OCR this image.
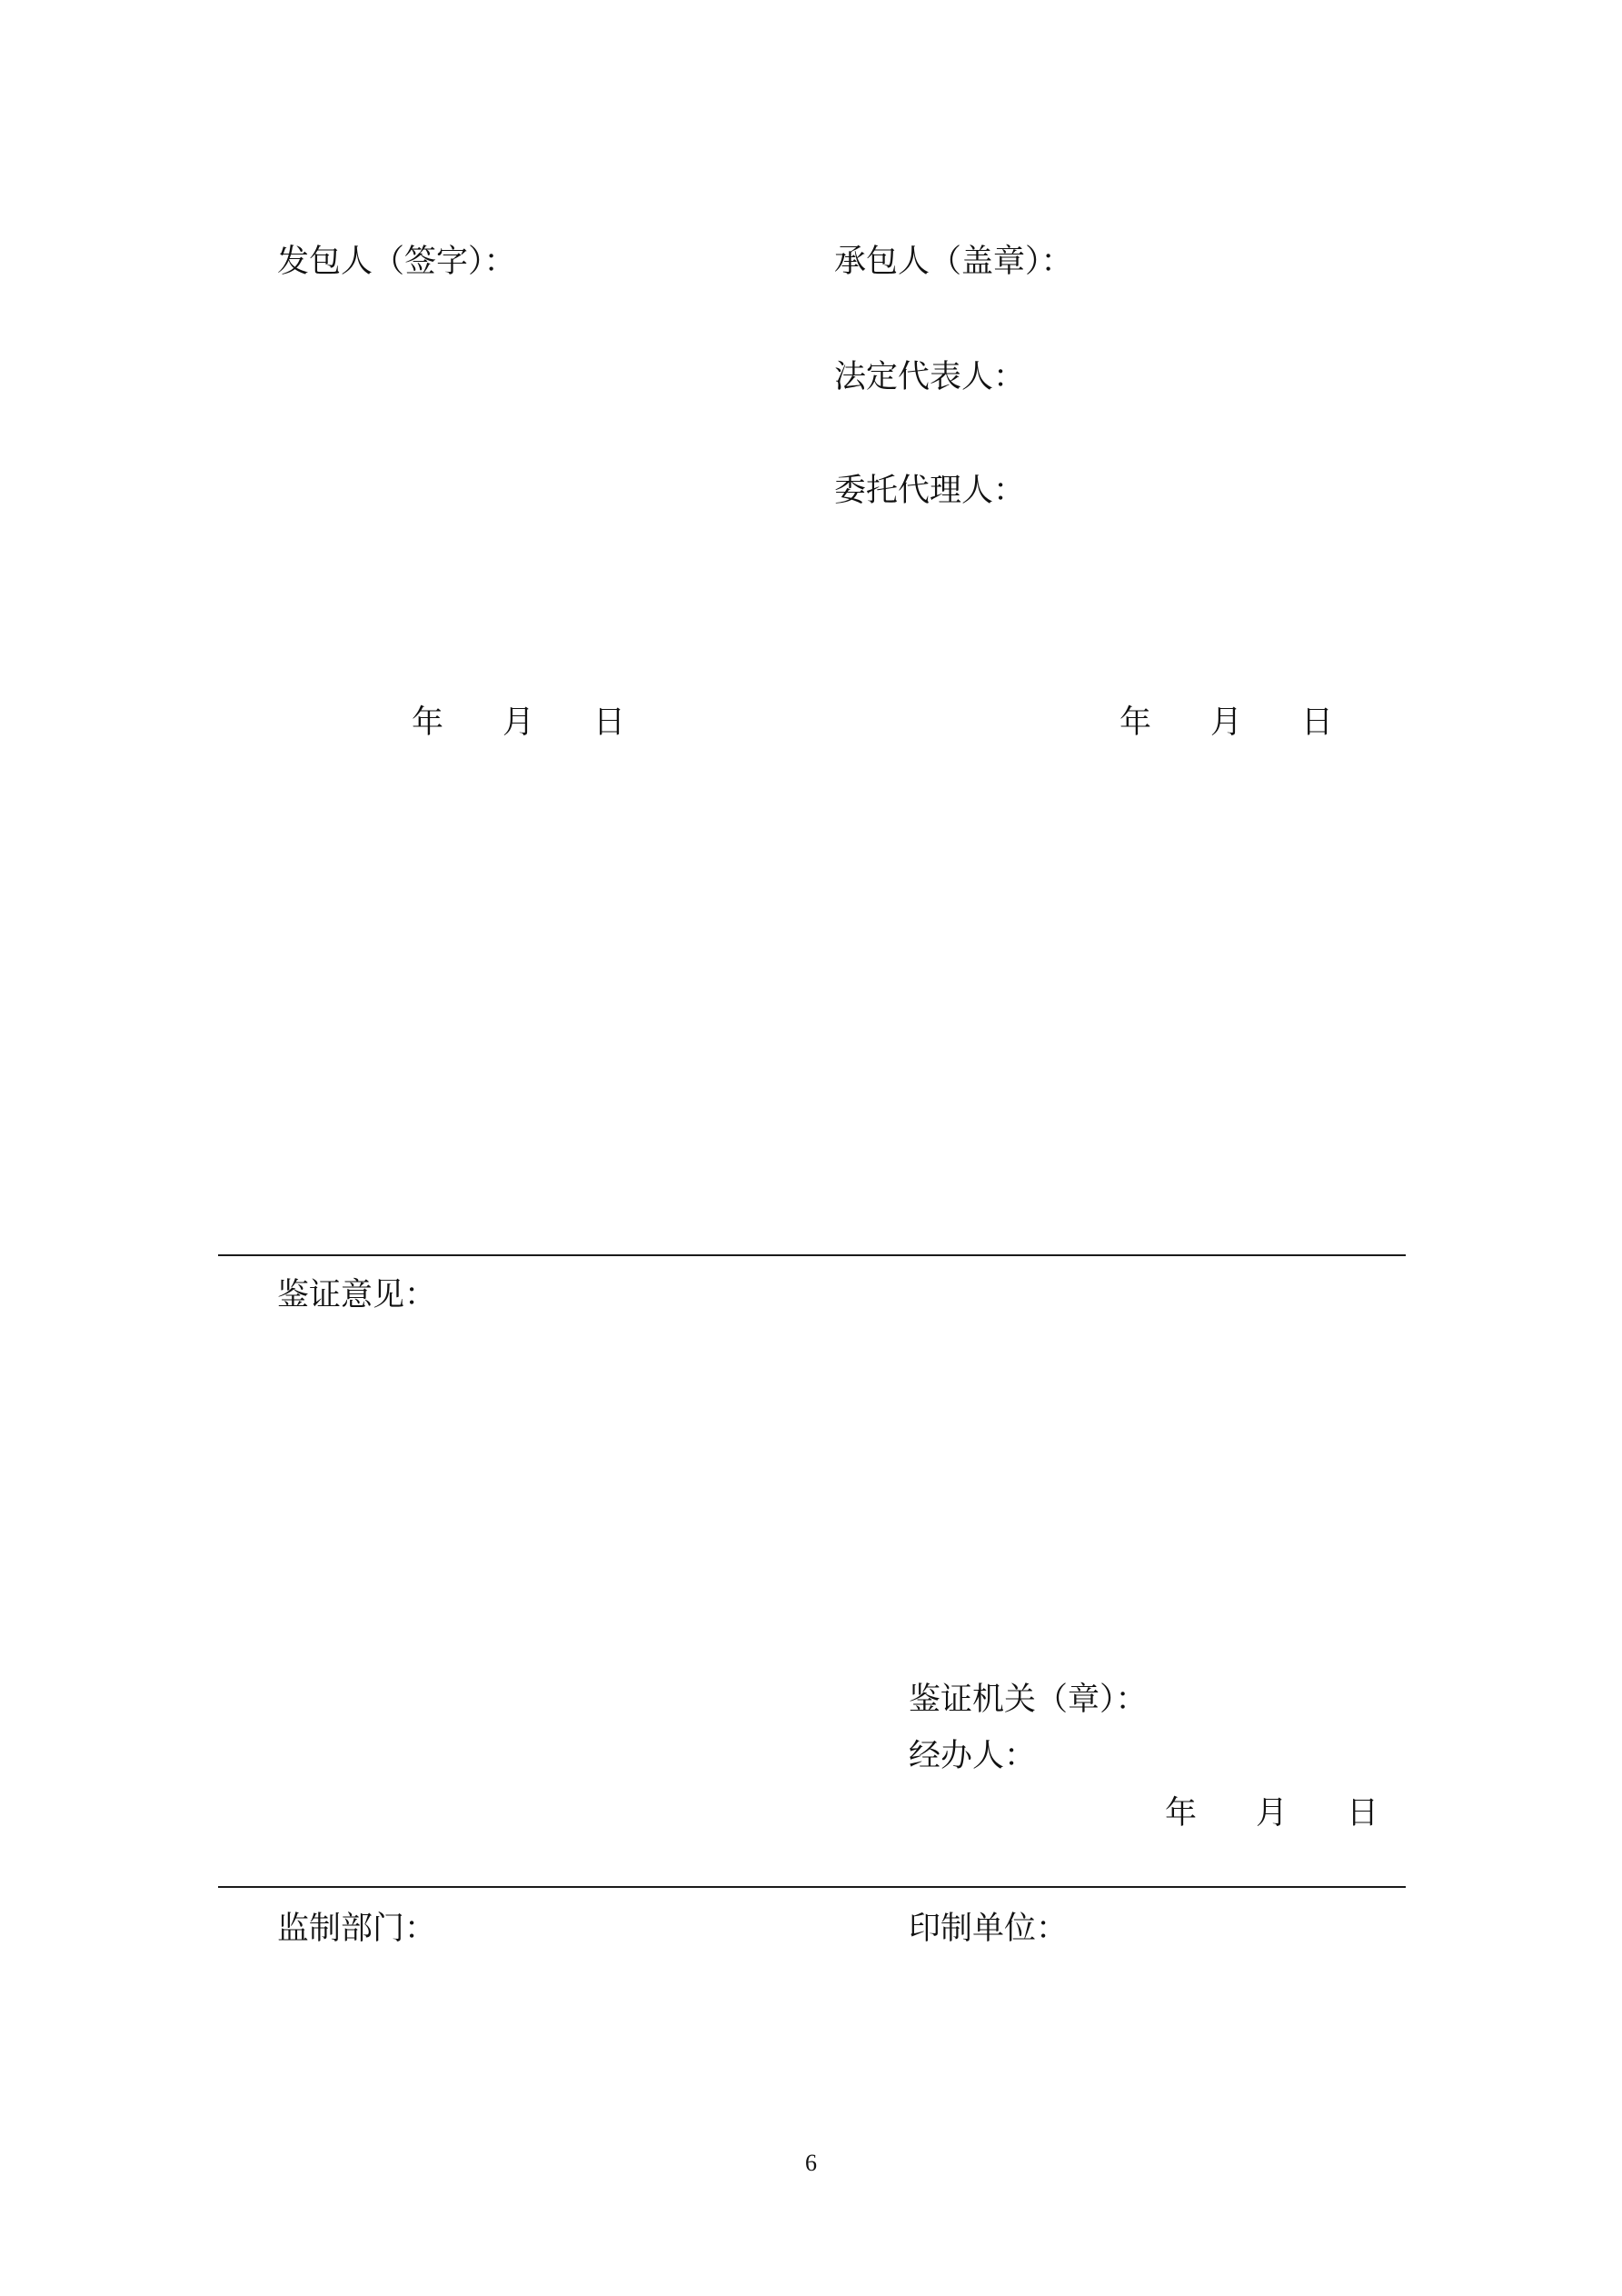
发包人（签字）：	承包人（盖章）：
法定代表人：
委托代理人：
年 月 日	年 月 日
鉴证意见：
鉴证机关（章）：
经办人：
年 月 日
监制部门：	印制单位：
6
